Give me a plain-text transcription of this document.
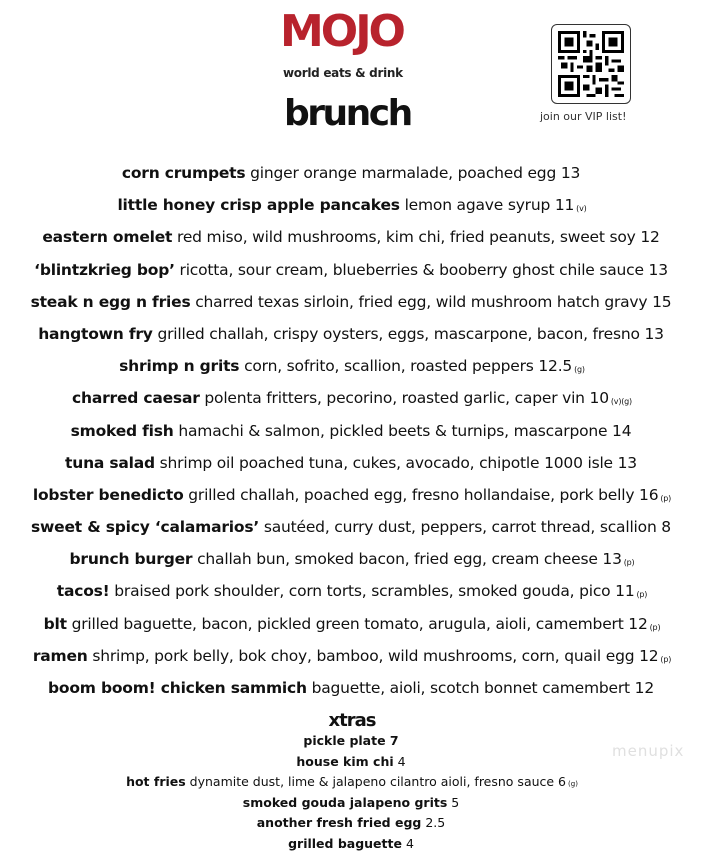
MOJO
world eats & drink
brunch	join our VIP list!
corn crumpets ginger orange marmalade, poached egg 13
little honey crisp apple pancakes lemon agave syrup 11 (v)
eastern omelet red miso, wild mushrooms, kim chi, fried peanuts, sweet soy 12
‘blintzkrieg bop’ ricotta, sour cream, blueberries & booberry ghost chile sauce 13
steak n egg n fries charred texas sirloin, fried egg, wild mushroom hatch gravy 15
hangtown fry grilled challah, crispy oysters, eggs, mascarpone, bacon, fresno 13
shrimp n grits corn, sofrito, scallion, roasted peppers 12.5 (g)
charred caesar polenta fritters, pecorino, roasted garlic, caper vin 10 (v)(g)
smoked fish hamachi & salmon, pickled beets & turnips, mascarpone 14
tuna salad shrimp oil poached tuna, cukes, avocado, chipotle 1000 isle 13
lobster benedicto grilled challah, poached egg, fresno hollandaise, pork belly 16 (p)
sweet & spicy ‘calamarios’ sautéed, curry dust, peppers, carrot thread, scallion 8
brunch burger challah bun, smoked bacon, fried egg, cream cheese 13 (p)
tacos! braised pork shoulder, corn torts, scrambles, smoked gouda, pico 11 (p)
blt grilled baguette, bacon, pickled green tomato, arugula, aioli, camembert 12 (p)
ramen shrimp, pork belly, bok choy, bamboo, wild mushrooms, corn, quail egg 12 (p)
boom boom! chicken sammich baguette, aioli, scotch bonnet camembert 12
xtras
pickle plate 7
house kim chi 4
hot fries dynamite dust, lime & jalapeno cilantro aioli, fresno sauce 6 (g)
smoked gouda jalapeno grits 5
another fresh fried egg 2.5
grilled baguette 4
menupix
